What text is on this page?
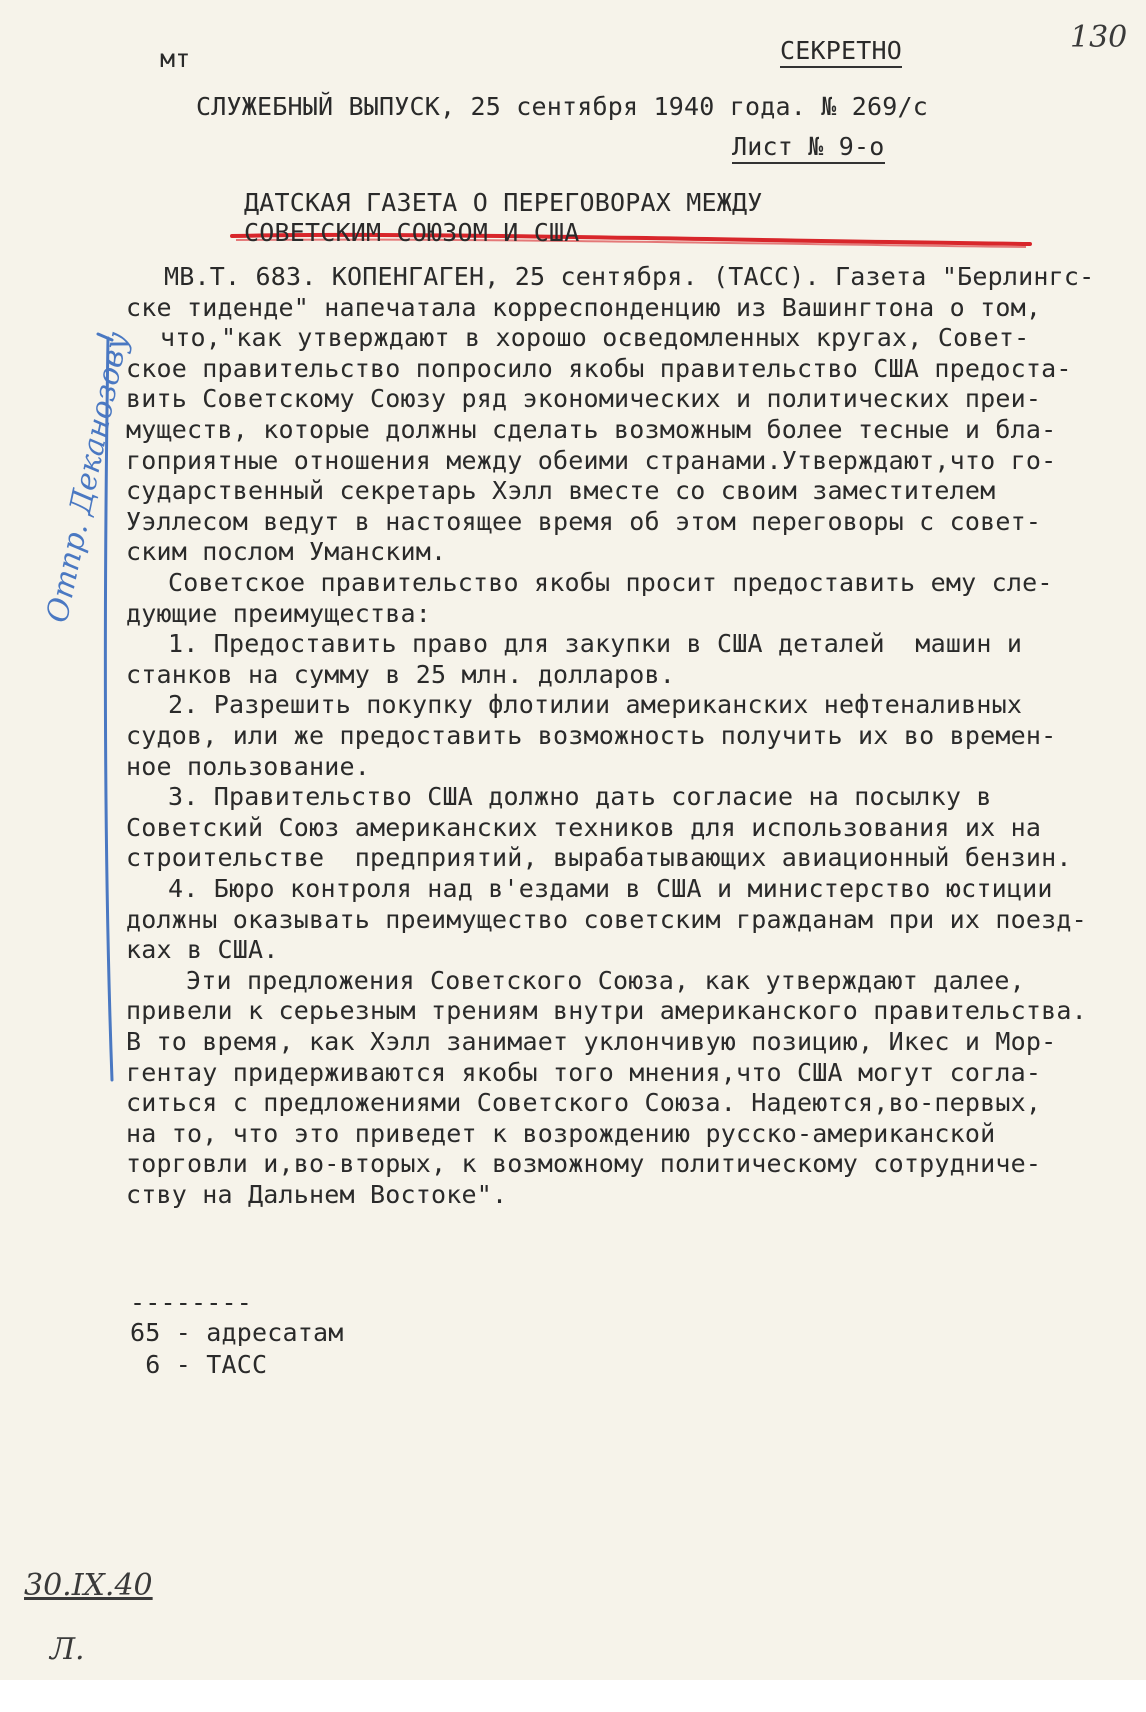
мт	СЕКРЕТНО	130
СЛУЖЕБНЫЙ ВЫПУСК, 25 сентября 1940 года. № 269/с
Лист № 9-о
ДАТСКАЯ ГАЗЕТА О ПЕРЕГОВОРАХ МЕЖДУ
СОВЕТСКИМ СОЮЗОМ И США
МВ.Т. 683. КОПЕНГАГЕН, 25 сентября. (ТАСС). Газета "Берлингс-
ске тиденде" напечатала корреспонденцию из Вашингтона о том,
что,"как утверждают в хорошо осведомленных кругах, Совет-
ское правительство попросило якобы правительство США предоста-
вить Советскому Союзу ряд экономических и политических преи-
муществ, которые должны сделать возможным более тесные и бла-
гоприятные отношения между обеими странами.Утверждают,что го-
сударственный секретарь Хэлл вместе со своим заместителем
Уэллесом ведут в настоящее время об этом переговоры с совет-
ским послом Уманским.
Советское правительство якобы просит предоставить ему сле-
дующие преимущества:
1. Предоставить право для закупки в США деталей  машин и
станков на сумму в 25 млн. долларов.
2. Разрешить покупку флотилии американских нефтеналивных
судов, или же предоставить возможность получить их во времен-
ное пользование.
3. Правительство США должно дать согласие на посылку в
Советский Союз американских техников для использования их на
строительстве  предприятий, вырабатывающих авиационный бензин.
4. Бюро контроля над в'ездами в США и министерство юстиции
должны оказывать преимущество советским гражданам при их поезд-
ках в США.
Эти предложения Советского Союза, как утверждают далее,
привели к серьезным трениям внутри американского правительства.
В то время, как Хэлл занимает уклончивую позицию, Икес и Мор-
гентау придерживаются якобы того мнения,что США могут согла-
ситься с предложениями Советского Союза. Надеются,во-первых,
на то, что это приведет к возрождению русско-американской
торговли и,во-вторых, к возможному политическому сотрудниче-
ству на Дальнем Востоке".
--------
65 - адресатам
6 - ТАСС
Отпр. Деканозову
30.IX.40
Л.
